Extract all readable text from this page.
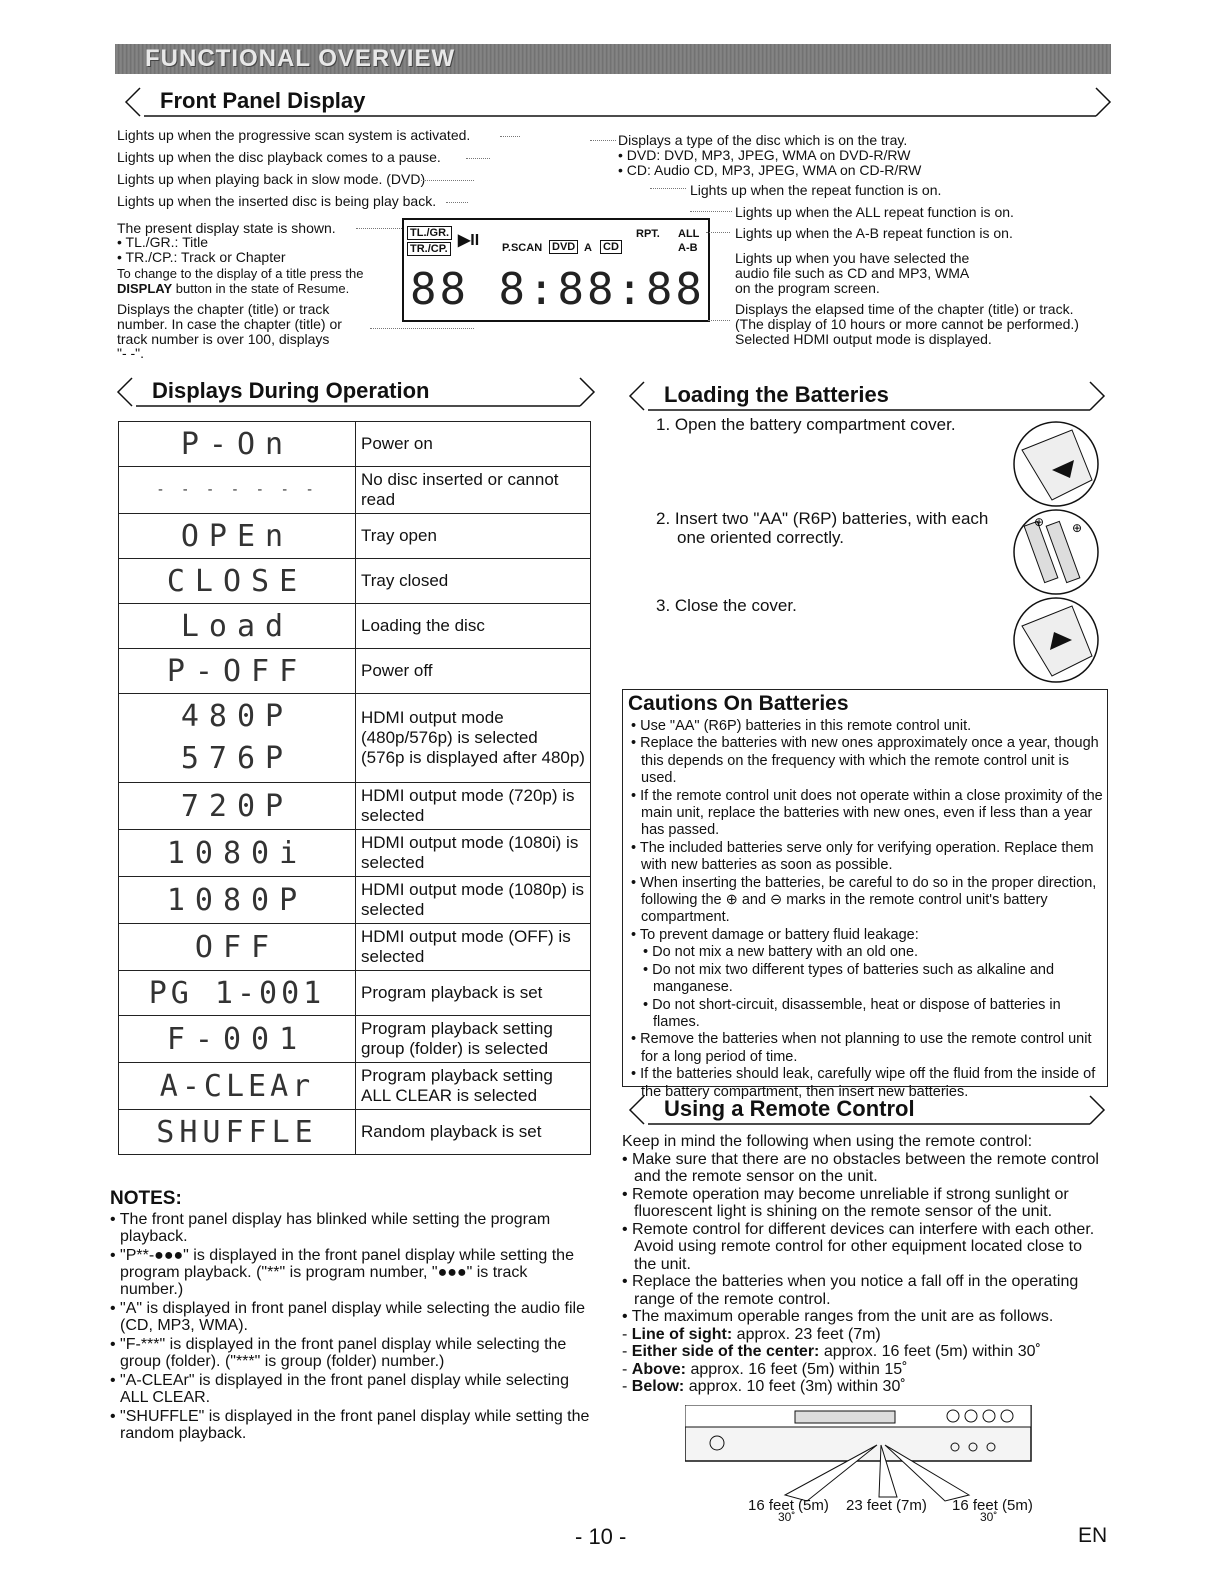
FUNCTIONAL OVERVIEW
Front Panel Display
Lights up when the progressive scan system is activated.
Lights up when the disc playback comes to a pause.
Lights up when playing back in slow mode. (DVD)
Lights up when the inserted disc is being play back.
The present display state is shown.
• TL./GR.: Title
• TR./CP.: Track or Chapter
To change to the display of a title press the
DISPLAY button in the state of Resume.
Displays the chapter (title) or track
number. In case the chapter (title) or
track number is over 100, displays
"- -".
TL./GR.
TR./CP. ▶II P.SCAN DVD A CD
RPT. ALL
A-B
88 8:88:88
Displays a type of the disc which is on the tray.
• DVD: DVD, MP3, JPEG, WMA on DVD-R/RW
• CD: Audio CD, MP3, JPEG, WMA on CD-R/RW
Lights up when the repeat function is on.
Lights up when the ALL repeat function is on.
Lights up when the A-B repeat function is on.
Lights up when you have selected the
audio file such as CD and MP3, WMA
on the program screen.
Displays the elapsed time of the chapter (title) or track.
(The display of 10 hours or more cannot be performed.)
Selected HDMI output mode is displayed.
Displays During Operation
P-On	Power on
- - - - - - -	No disc inserted or cannot read
OPEn	Tray open
CLOSE	Tray closed
Load	Loading the disc
P-OFF	Power off
480P
576P	HDMI output mode (480p/576p) is selected (576p is displayed after 480p)
720P	HDMI output mode (720p) is selected
1080i	HDMI output mode (1080i) is selected
1080P	HDMI output mode (1080p) is selected
OFF	HDMI output mode (OFF) is selected
PG 1-001	Program playback is set
F-001	Program playback setting group (folder) is selected
A-CLEAr	Program playback setting ALL CLEAR is selected
SHUFFLE	Random playback is set
NOTES:

• The front panel display has blinked while setting the program playback.

• "P**-●●●" is displayed in the front panel display while setting the program playback. ("**" is program number, "●●●" is track number.)

• "A" is displayed in front panel display while selecting the audio file (CD, MP3, WMA).

• "F-***" is displayed in the front panel display while selecting the group (folder). ("***" is group (folder) number.)

• "A-CLEAr" is displayed in the front panel display while selecting ALL CLEAR.

• "SHUFFLE" is displayed in the front panel display while setting the random playback.

Loading the Batteries
1. Open the battery compartment cover.
2. Insert two "AA" (R6P) batteries, with each
one oriented correctly.
3. Close the cover.
⊕ ⊕
Cautions On Batteries

• Use "AA" (R6P) batteries in this remote control unit.

• Replace the batteries with new ones approximately once a year, though this depends on the frequency with which the remote control unit is used.

• If the remote control unit does not operate within a close proximity of the main unit, replace the batteries with new ones, even if less than a year has passed.

• The included batteries serve only for verifying operation. Replace them with new batteries as soon as possible.

• When inserting the batteries, be careful to do so in the proper direction, following the ⊕ and ⊖ marks in the remote control unit's battery compartment.

• To prevent damage or battery fluid leakage:

• Do not mix a new battery with an old one.

• Do not mix two different types of batteries such as alkaline and manganese.

• Do not short-circuit, disassemble, heat or dispose of batteries in flames.

• Remove the batteries when not planning to use the remote control unit for a long period of time.

• If the batteries should leak, carefully wipe off the fluid from the inside of the battery compartment, then insert new batteries.

Using a Remote Control

Keep in mind the following when using the remote control:

• Make sure that there are no obstacles between the remote control and the remote sensor on the unit.

• Remote operation may become unreliable if strong sunlight or fluorescent light is shining on the remote sensor of the unit.

• Remote control for different devices can interfere with each other. Avoid using remote control for other equipment located close to the unit.

• Replace the batteries when you notice a fall off in the operating range of the remote control.

• The maximum operable ranges from the unit are as follows.

- Line of sight: approx. 23 feet (7m)

- Either side of the center: approx. 16 feet (5m) within 30˚

- Above: approx. 16 feet (5m) within 15˚

- Below: approx. 10 feet (3m) within 30˚

16 feet (5m) 23 feet (7m) 16 feet (5m)
30˚	30˚
- 10 -	EN
